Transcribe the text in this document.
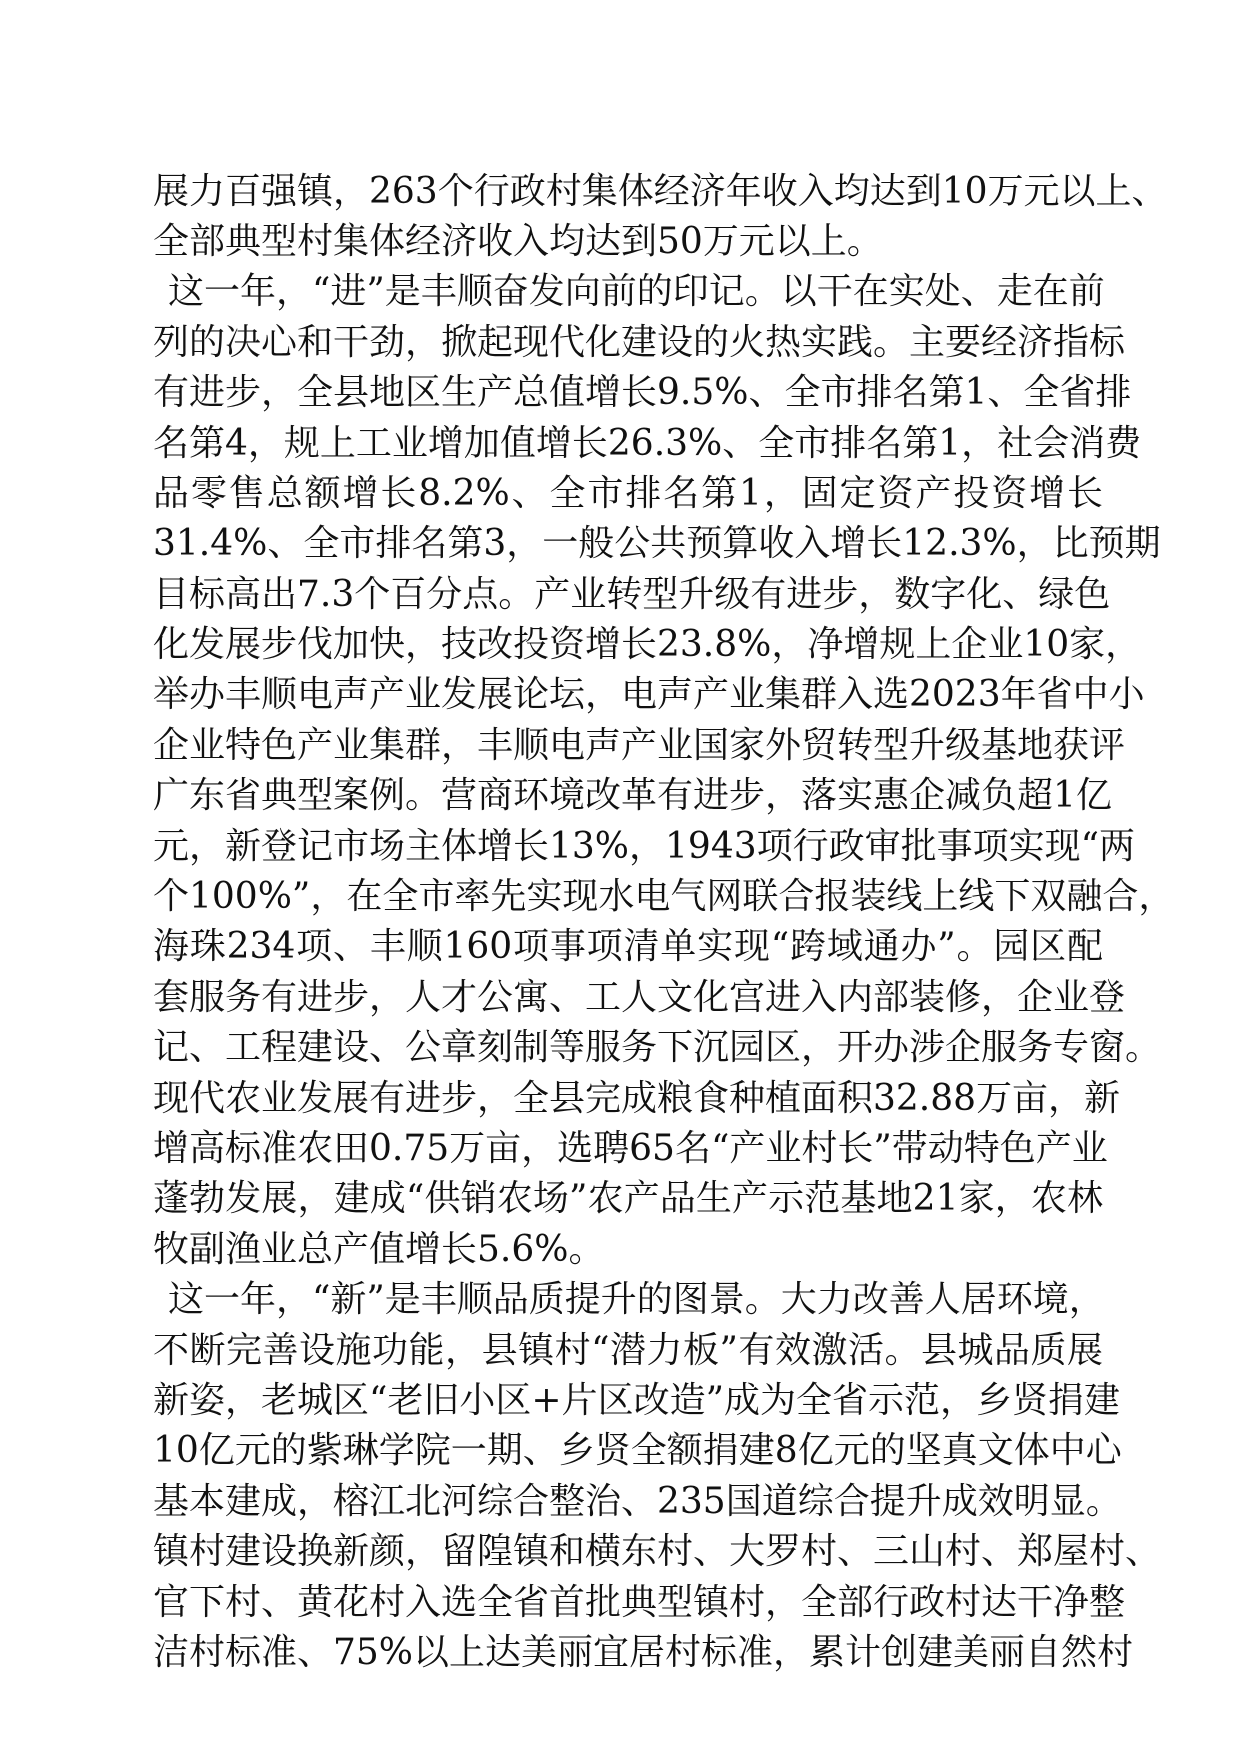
展力百强镇，263个行政村集体经济年收入均达到10万元以上、
全部典型村集体经济收入均达到50万元以上。
这一年，“进”是丰顺奋发向前的印记。以干在实处、走在前
列的决心和干劲，掀起现代化建设的火热实践。主要经济指标
有进步，全县地区生产总值增长9.5%、全市排名第1、全省排
名第4，规上工业增加值增长26.3%、全市排名第1，社会消费
品零售总额增长8.2%、全市排名第1，固定资产投资增长
31.4%、全市排名第3，一般公共预算收入增长12.3%，比预期
目标高出7.3个百分点。产业转型升级有进步，数字化、绿色
化发展步伐加快，技改投资增长23.8%，净增规上企业10家，
举办丰顺电声产业发展论坛，电声产业集群入选2023年省中小
企业特色产业集群，丰顺电声产业国家外贸转型升级基地获评
广东省典型案例。营商环境改革有进步，落实惠企减负超1亿
元，新登记市场主体增长13%，1943项行政审批事项实现“两
个100%”，在全市率先实现水电气网联合报装线上线下双融合，
海珠234项、丰顺160项事项清单实现“跨域通办”。园区配
套服务有进步，人才公寓、工人文化宫进入内部装修，企业登
记、工程建设、公章刻制等服务下沉园区，开办涉企服务专窗。
现代农业发展有进步，全县完成粮食种植面积32.88万亩，新
增高标准农田0.75万亩，选聘65名“产业村长”带动特色产业
蓬勃发展，建成“供销农场”农产品生产示范基地21家，农林
牧副渔业总产值增长5.6%。
这一年，“新”是丰顺品质提升的图景。大力改善人居环境，
不断完善设施功能，县镇村“潜力板”有效激活。县城品质展
新姿，老城区“老旧小区+片区改造”成为全省示范，乡贤捐建
10亿元的紫琳学院一期、乡贤全额捐建8亿元的坚真文体中心
基本建成，榕江北河综合整治、235国道综合提升成效明显。
镇村建设换新颜，留隍镇和横东村、大罗村、三山村、郑屋村、
官下村、黄花村入选全省首批典型镇村，全部行政村达干净整
洁村标准、75%以上达美丽宜居村标准，累计创建美丽自然村
